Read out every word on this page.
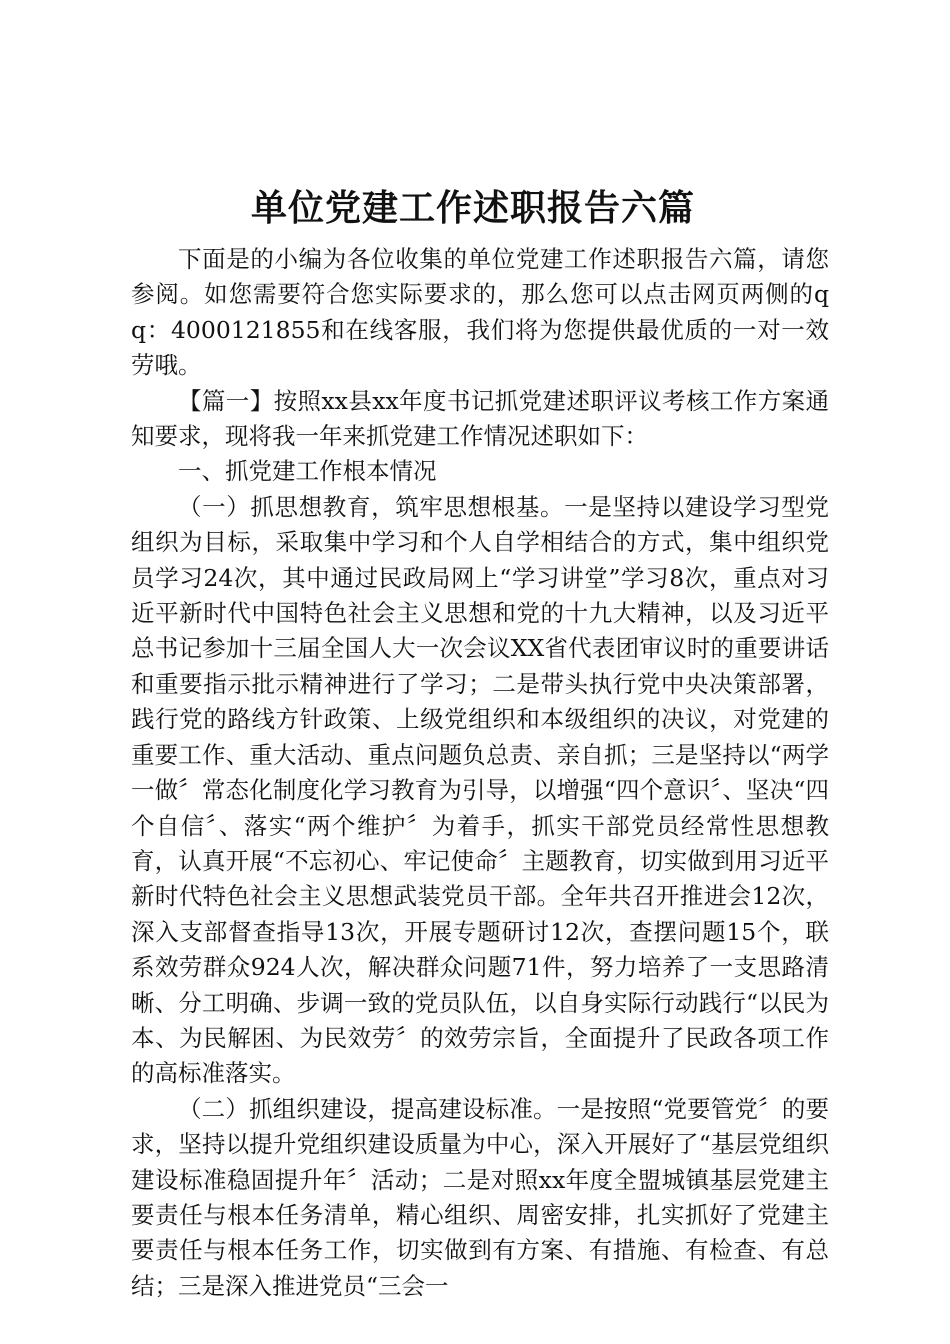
单位党建工作述职报告六篇

下面是的小编为各位收集的单位党建工作述职报告六篇，请您参阅。如您需要符合您实际要求的，那么您可以点击网页两侧的qq：4000121855和在线客服，我们将为您提供最优质的一对一效劳哦。

【篇一】按照xx县xx年度书记抓党建述职评议考核工作方案通知要求，现将我一年来抓党建工作情况述职如下：

一、抓党建工作根本情况

（一）抓思想教育，筑牢思想根基。一是坚持以建设学习型党组织为目标，采取集中学习和个人自学相结合的方式，集中组织党员学习24次，其中通过民政局网上“学习讲堂”学习8次，重点对习近平新时代中国特色社会主义思想和党的十九大精神，以及习近平总书记参加十三届全国人大一次会议XX省代表团审议时的重要讲话和重要指示批示精神进行了学习；二是带头执行党中央决策部署，践行党的路线方针政策、上级党组织和本级组织的决议，对党建的重要工作、重大活动、重点问题负总责、亲自抓；三是坚持以“两学一做〞常态化制度化学习教育为引导，以增强“四个意识〞、坚决“四个自信〞、落实“两个维护〞为着手，抓实干部党员经常性思想教育，认真开展“不忘初心、牢记使命〞主题教育，切实做到用习近平新时代特色社会主义思想武装党员干部。全年共召开推进会12次，深入支部督查指导13次，开展专题研讨12次，查摆问题15个，联系效劳群众924人次，解决群众问题71件，努力培养了一支思路清晰、分工明确、步调一致的党员队伍，以自身实际行动践行“以民为本、为民解困、为民效劳〞的效劳宗旨，全面提升了民政各项工作的高标准落实。

（二）抓组织建设，提高建设标准。一是按照“党要管党〞的要求，坚持以提升党组织建设质量为中心，深入开展好了“基层党组织建设标准稳固提升年〞活动；二是对照xx年度全盟城镇基层党建主要责任与根本任务清单，精心组织、周密安排，扎实抓好了党建主要责任与根本任务工作，切实做到有方案、有措施、有检查、有总结；三是深入推进党员“三会一
